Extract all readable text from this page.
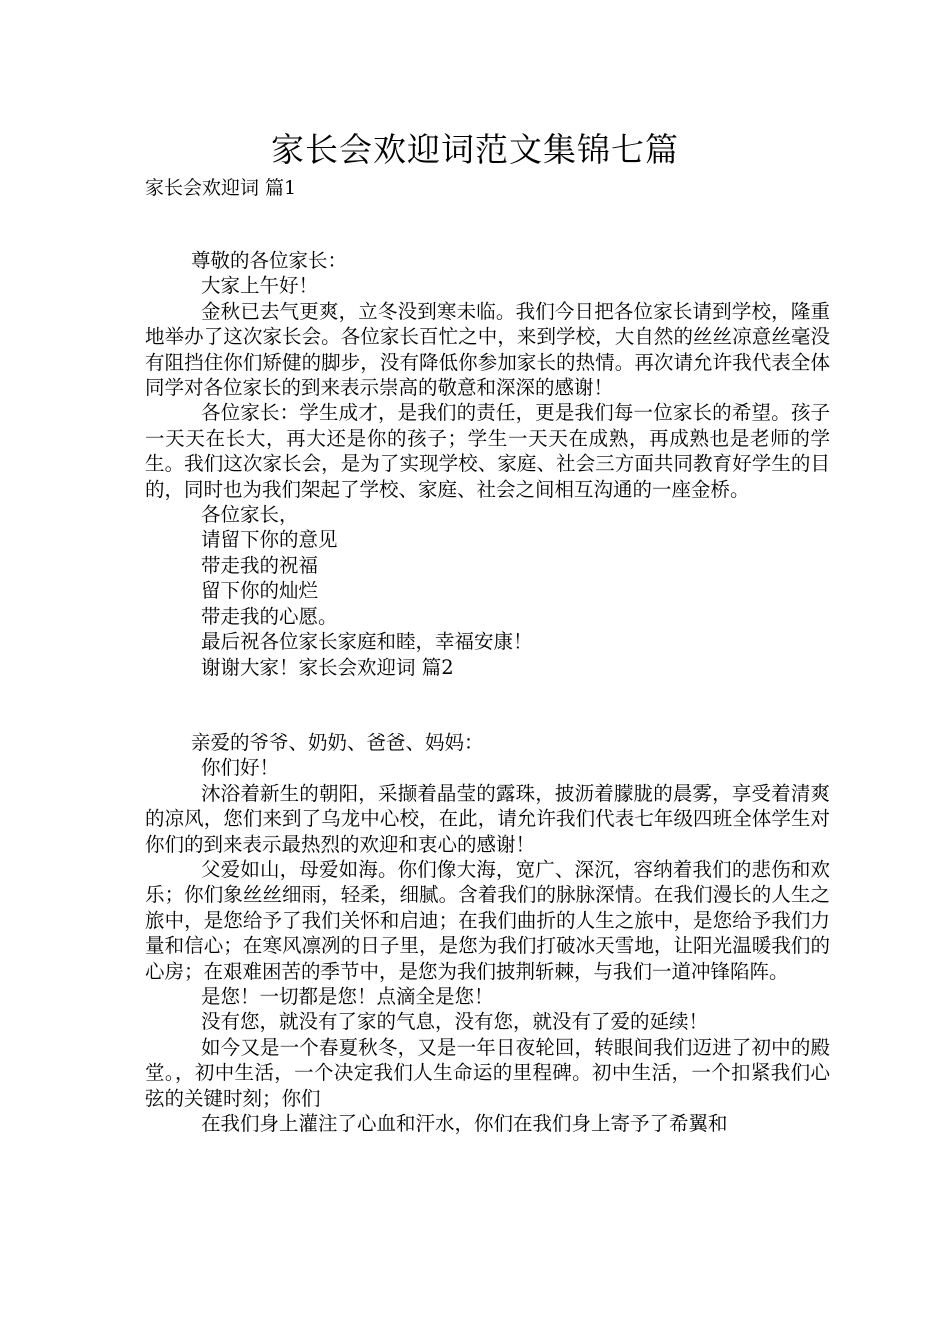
家长会欢迎词范文集锦七篇
家长会欢迎词 篇1

尊敬的各位家长：

大家上午好！

金秋已去气更爽，立冬没到寒未临。我们今日把各位家长请到学校，隆重地举办了这次家长会。各位家长百忙之中，来到学校，大自然的丝丝凉意丝毫没有阻挡住你们矫健的脚步，没有降低你参加家长的热情。再次请允许我代表全体同学对各位家长的到来表示崇高的敬意和深深的感谢！

各位家长：学生成才，是我们的责任，更是我们每一位家长的希望。孩子一天天在长大，再大还是你的孩子；学生一天天在成熟，再成熟也是老师的学生。我们这次家长会，是为了实现学校、家庭、社会三方面共同教育好学生的目的，同时也为我们架起了学校、家庭、社会之间相互沟通的一座金桥。

各位家长，

请留下你的意见

带走我的祝福

留下你的灿烂

带走我的心愿。

最后祝各位家长家庭和睦，幸福安康！

谢谢大家！家长会欢迎词 篇2

亲爱的爷爷、奶奶、爸爸、妈妈：

你们好！

沐浴着新生的朝阳，采撷着晶莹的露珠，披沥着朦胧的晨雾，享受着清爽的凉风，您们来到了乌龙中心校，在此，请允许我们代表七年级四班全体学生对你们的到来表示最热烈的欢迎和衷心的感谢！

父爱如山，母爱如海。你们像大海，宽广、深沉，容纳着我们的悲伤和欢乐；你们象丝丝细雨，轻柔，细腻。含着我们的脉脉深情。在我们漫长的人生之旅中，是您给予了我们关怀和启迪；在我们曲折的人生之旅中，是您给予我们力量和信心；在寒风凛冽的日子里，是您为我们打破冰天雪地，让阳光温暖我们的心房；在艰难困苦的季节中，是您为我们披荆斩棘，与我们一道冲锋陷阵。

是您！一切都是您！点滴全是您！

没有您，就没有了家的气息，没有您，就没有了爱的延续！

如今又是一个春夏秋冬，又是一年日夜轮回，转眼间我们迈进了初中的殿堂。，初中生活，一个决定我们人生命运的里程碑。初中生活，一个扣紧我们心弦的关键时刻；你们

在我们身上灌注了心血和汗水，你们在我们身上寄予了希翼和
